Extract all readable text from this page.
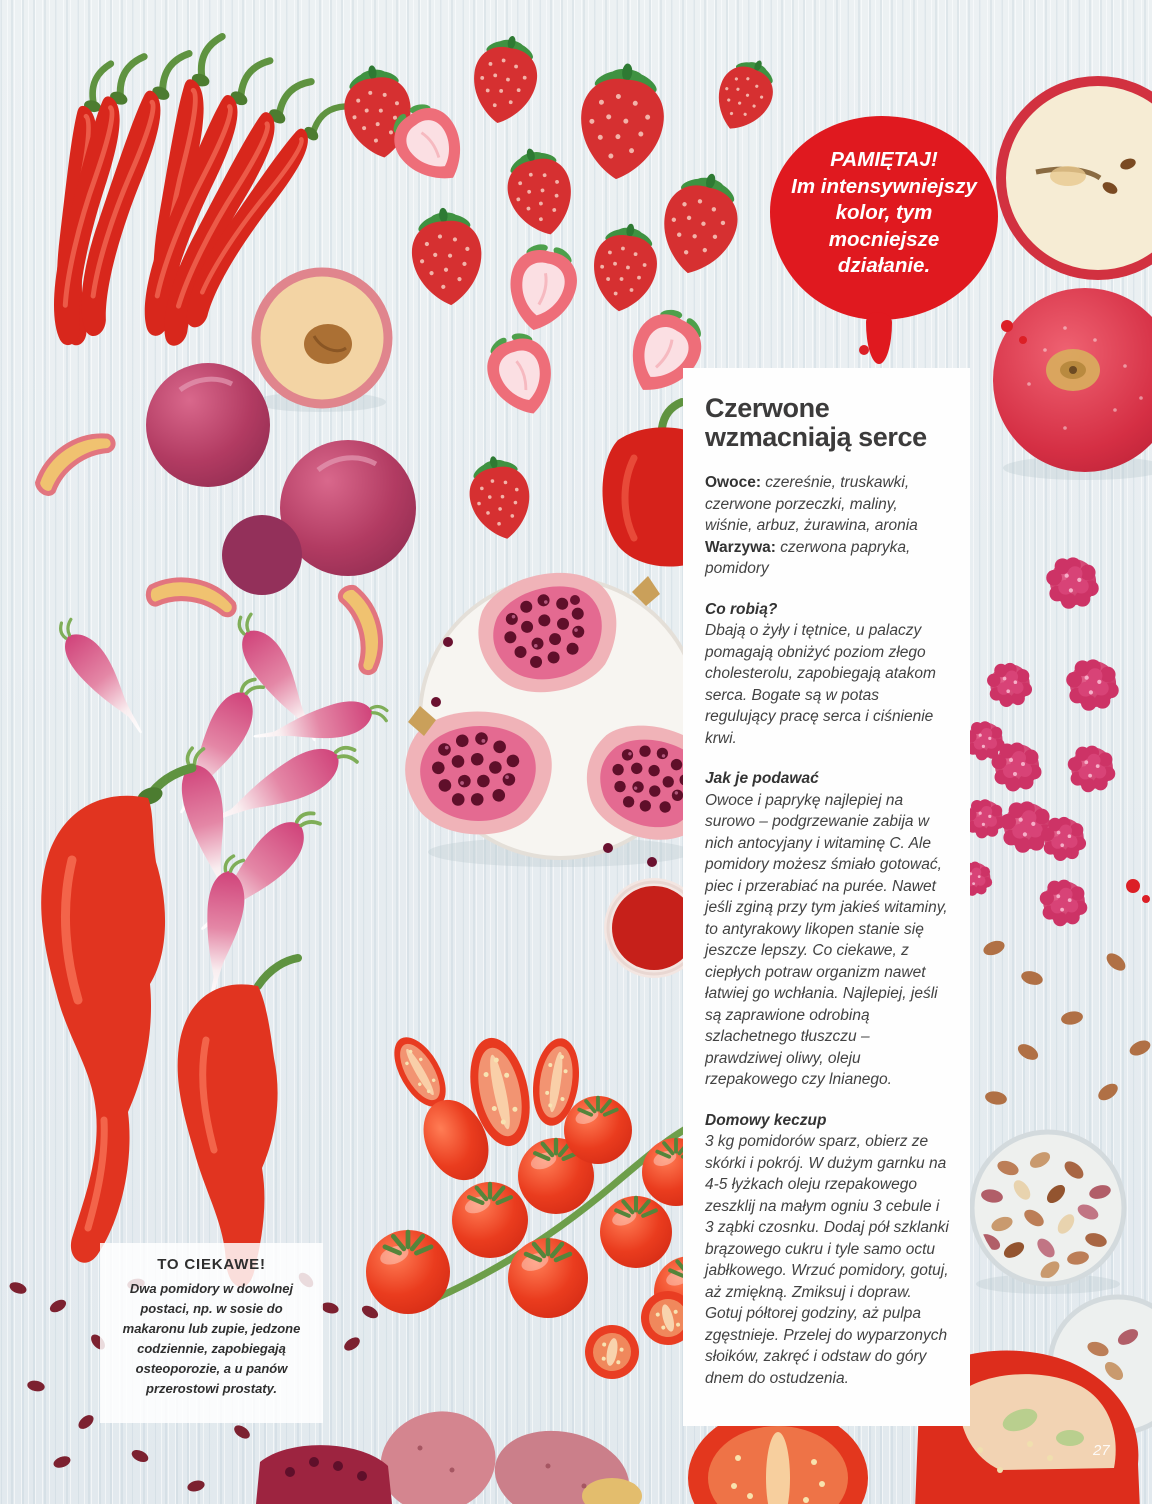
PAMIĘTAJ!
Im intensywniejszy
kolor, tym
mocniejsze
działanie.
Czerwone
wzmacniają serce

Owoce: czereśnie, truskawki, czerwone porzeczki, maliny, wiśnie, arbuz, żurawina, aronia
Warzywa: czerwona papryka, pomidory

Co robią?

Dbają o żyły i tętnice, u palaczy pomagają obniżyć poziom złego cholesterolu, zapobiegają atakom serca. Bogate są w potas regulujący pracę serca i ciśnienie krwi.

Jak je podawać

Owoce i paprykę najlepiej na surowo – podgrzewanie zabija w nich antocyjany i witaminę C. Ale pomidory możesz śmiało gotować, piec i przerabiać na purée. Nawet jeśli zginą przy tym jakieś witaminy, to antyrakowy likopen stanie się jeszcze lepszy. Co ciekawe, z ciepłych potraw organizm nawet łatwiej go wchłania. Najlepiej, jeśli są zaprawione odrobiną szlachetnego tłuszczu – prawdziwej oliwy, oleju rzepakowego czy lnianego.

Domowy keczup

3 kg pomidorów sparz, obierz ze skórki i pokrój. W dużym garnku na 4-5 łyżkach oleju rzepakowego zeszklij na małym ogniu 3 cebule i 3 ząbki czosnku. Dodaj pół szklanki brązowego cukru i tyle samo octu jabłkowego. Wrzuć pomidory, gotuj, aż zmiękną. Zmiksuj i dopraw. Gotuj półtorej godziny, aż pulpa zgęstnieje. Przelej do wyparzonych słoików, zakręć i odstaw do góry dnem do ostudzenia.

TO CIEKAWE!
Dwa pomidory w dowolnej postaci, np. w sosie do makaronu lub zupie, jedzone codziennie, zapobiegają osteoporozie, a u panów przerostowi prostaty.
27
